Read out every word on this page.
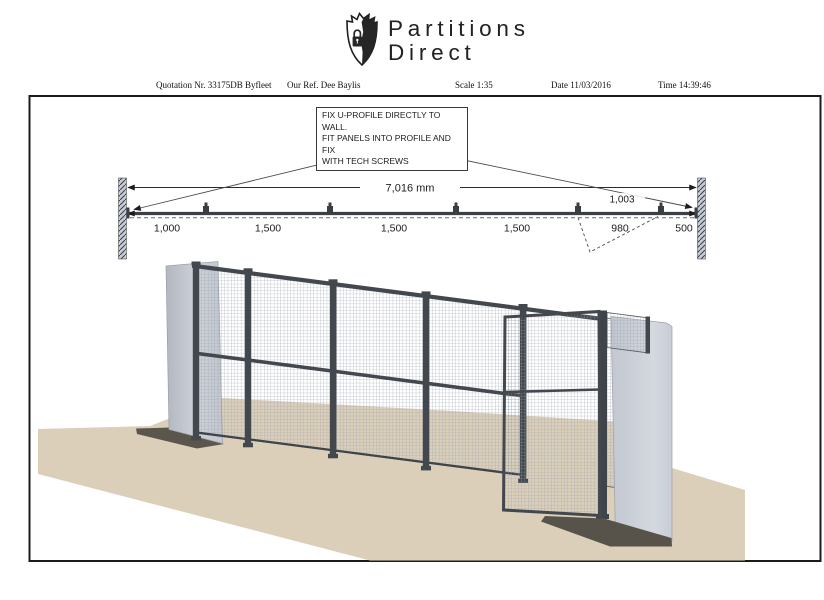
Partitions
Direct
Quotation Nr. 33175DB Byfleet Our Ref. Dee Baylis	Scale 1:35	Date 11/03/2016	Time 14:39:46
7,016 mm
1,003
1,000	1,500	1,500	1,500	980	500
FIX U-PROFILE DIRECTLY TO WALL.
FIT PANELS INTO PROFILE AND FIX
WITH TECH SCREWS
